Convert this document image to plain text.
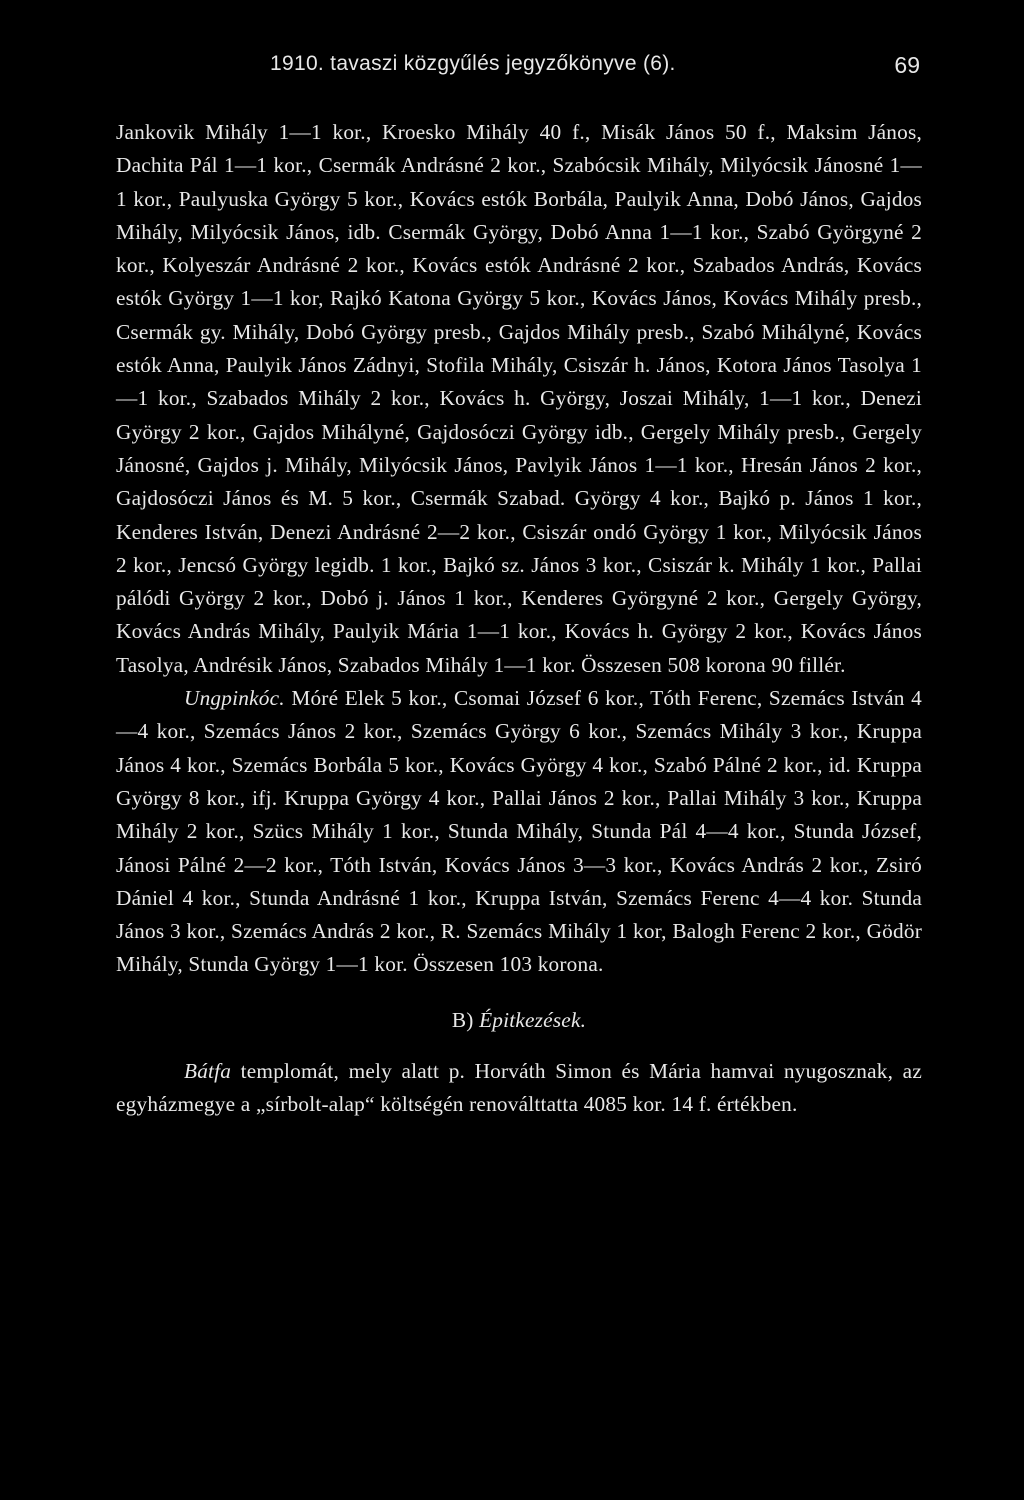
1910. tavaszi közgyűlés jegyzőkönyve (6).	69

Jankovik Mihály 1—1 kor., Kroesko Mihály 40 f., Misák János 50 f., Maksim János, Dachita Pál 1—1 kor., Csermák Andrásné 2 kor., Szabócsik Mihály, Milyócsik Jánosné 1—1 kor., Paulyuska György 5 kor., Kovács estók Borbála, Paulyik Anna, Dobó János, Gajdos Mihály, Milyócsik János, idb. Csermák György, Dobó Anna 1—1 kor., Szabó Györgyné 2 kor., Kolyeszár Andrásné 2 kor., Kovács estók Andrásné 2 kor., Szabados András, Kovács estók György 1—1 kor, Rajkó Katona György 5 kor., Kovács János, Kovács Mihály presb., Csermák gy. Mihály, Dobó György presb., Gajdos Mihály presb., Szabó Mihályné, Kovács estók Anna, Paulyik János Zádnyi, Stofila Mihály, Csiszár h. János, Kotora János Tasolya 1—1 kor., Szabados Mihály 2 kor., Kovács h. György, Joszai Mihály, 1—1 kor., Denezi György 2 kor., Gajdos Mihályné, Gajdosóczi György idb., Gergely Mihály presb., Gergely Jánosné, Gajdos j. Mihály, Milyócsik János, Pavlyik János 1—1 kor., Hresán János 2 kor., Gajdosóczi János és M. 5 kor., Csermák Szabad. György 4 kor., Bajkó p. János 1 kor., Kenderes István, Denezi Andrásné 2—2 kor., Csiszár ondó György 1 kor., Milyócsik János 2 kor., Jencsó György legidb. 1 kor., Bajkó sz. János 3 kor., Csiszár k. Mihály 1 kor., Pallai pálódi György 2 kor., Dobó j. János 1 kor., Kenderes Györgyné 2 kor., Gergely György, Kovács András Mihály, Paulyik Mária 1—1 kor., Kovács h. György 2 kor., Kovács János Tasolya, Andrésik János, Szabados Mihály 1—1 kor. Összesen 508 korona 90 fillér.

Ungpinkóc. Móré Elek 5 kor., Csomai József 6 kor., Tóth Ferenc, Szemács István 4—4 kor., Szemács János 2 kor., Szemács György 6 kor., Szemács Mihály 3 kor., Kruppa János 4 kor., Szemács Borbála 5 kor., Kovács György 4 kor., Szabó Pálné 2 kor., id. Kruppa György 8 kor., ifj. Kruppa György 4 kor., Pallai János 2 kor., Pallai Mihály 3 kor., Kruppa Mihály 2 kor., Szücs Mihály 1 kor., Stunda Mihály, Stunda Pál 4—4 kor., Stunda József, Jánosi Pálné 2—2 kor., Tóth István, Kovács János 3—3 kor., Kovács András 2 kor., Zsiró Dániel 4 kor., Stunda Andrásné 1 kor., Kruppa István, Szemács Ferenc 4—4 kor. Stunda János 3 kor., Szemács András 2 kor., R. Szemács Mihály 1 kor, Balogh Ferenc 2 kor., Gödör Mihály, Stunda György 1—1 kor. Összesen 103 korona.

B) Épitkezések.

Bátfa templomát, mely alatt p. Horváth Simon és Mária hamvai nyugosznak, az egyházmegye a „sírbolt-alap“ költségén renoválttatta 4085 kor. 14 f. értékben.
